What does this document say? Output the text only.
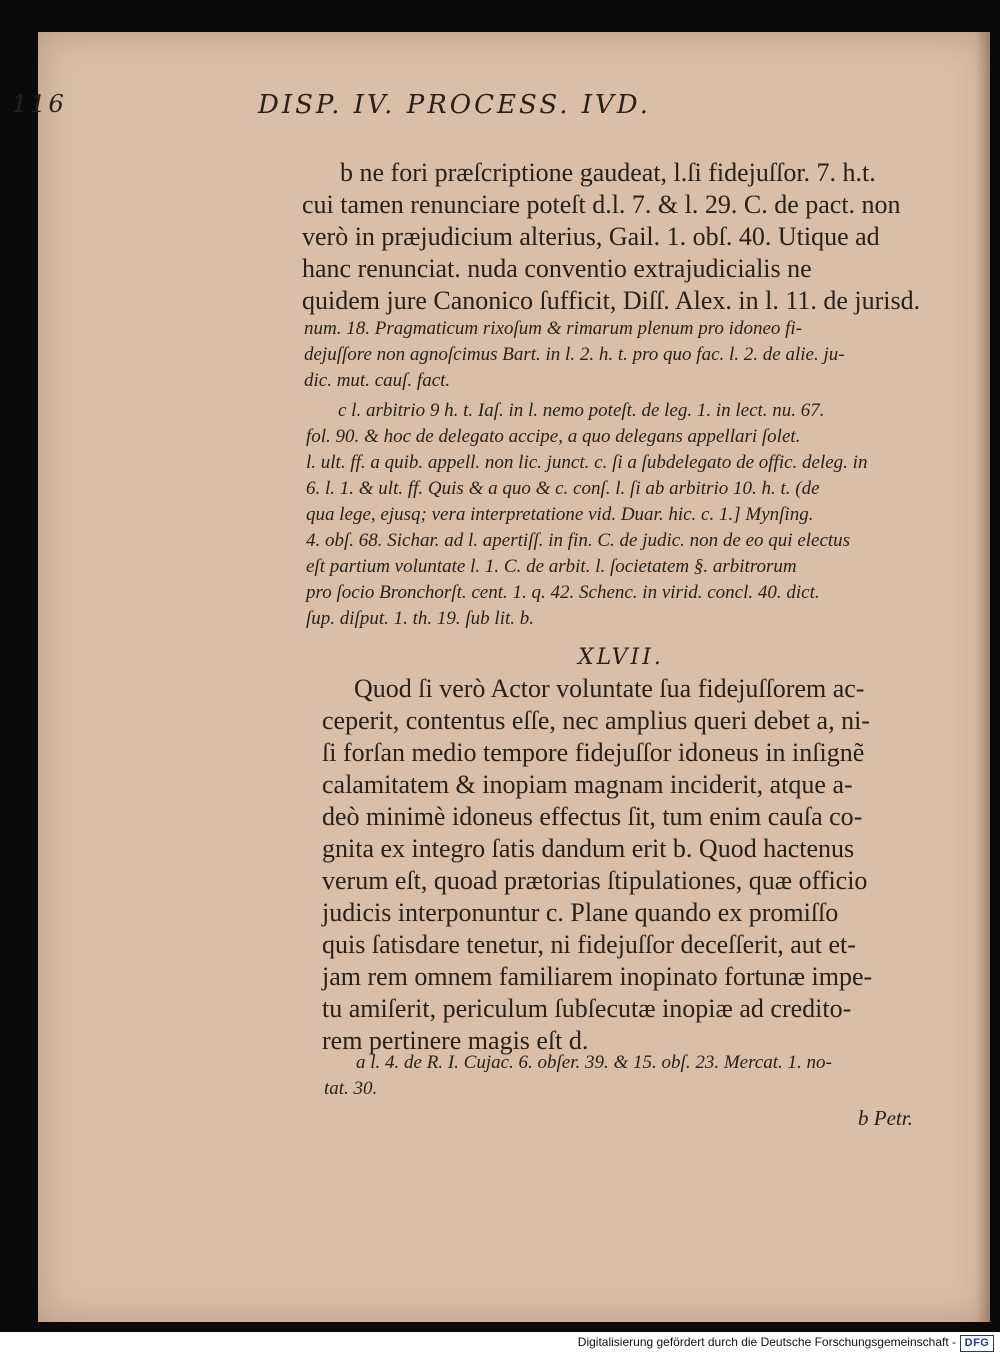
116	DISP. IV. PROCESS. IVD.
b ne fori præſcriptione gaudeat, l.ſi fidejuſſor. 7. h.t.
cui tamen renunciare poteſt d.l. 7. & l. 29. C. de pact. non
verò in præjudicium alterius, Gail. 1. obſ. 40. Utique ad
hanc renunciat. nuda conventio extrajudicialis ne
quidem jure Canonico ſufficit, Diſſ. Alex. in l. 11. de jurisd.
num. 18. Pragmaticum rixoſum & rimarum plenum pro idoneo fi-
dejuſſore non agnoſcimus Bart. in l. 2. h. t. pro quo fac. l. 2. de alie. ju-
dic. mut. cauſ. fact.
c l. arbitrio 9 h. t. Iaſ. in l. nemo poteſt. de leg. 1. in lect. nu. 67.
fol. 90. & hoc de delegato accipe, a quo delegans appellari ſolet.
l. ult. ff. a quib. appell. non lic. junct. c. ſi a ſubdelegato de offic. deleg. in
6. l. 1. & ult. ff. Quis & a quo & c. conſ. l. ſi ab arbitrio 10. h. t. (de
qua lege, ejusq; vera interpretatione vid. Duar. hic. c. 1.] Mynſing.
4. obſ. 68. Sichar. ad l. apertiſſ. in fin. C. de judic. non de eo qui electus
eſt partium voluntate l. 1. C. de arbit. l. ſocietatem §. arbitrorum
pro ſocio Bronchorſt. cent. 1. q. 42. Schenc. in virid. concl. 40. dict.
ſup. diſput. 1. th. 19. ſub lit. b.
XLVII.
Quod ſi verò Actor voluntate ſua fidejuſſorem ac-
ceperit, contentus eſſe, nec amplius queri debet a, ni-
ſi forſan medio tempore fidejuſſor idoneus in inſignẽ
calamitatem & inopiam magnam inciderit, atque a-
deò minimè idoneus effectus ſit, tum enim cauſa co-
gnita ex integro ſatis dandum erit b. Quod hactenus
verum eſt, quoad prætorias ſtipulationes, quæ officio
judicis interponuntur c. Plane quando ex promiſſo
quis ſatisdare tenetur, ni fidejuſſor deceſſerit, aut et-
jam rem omnem familiarem inopinato fortunæ impe-
tu amiſerit, periculum ſubſecutæ inopiæ ad credito-
rem pertinere magis eſt d.
a l. 4. de R. I. Cujac. 6. obſer. 39. & 15. obſ. 23. Mercat. 1. no-
tat. 30.
b Petr.
Digitalisierung gefördert durch die Deutsche Forschungsgemeinschaft - DFG
